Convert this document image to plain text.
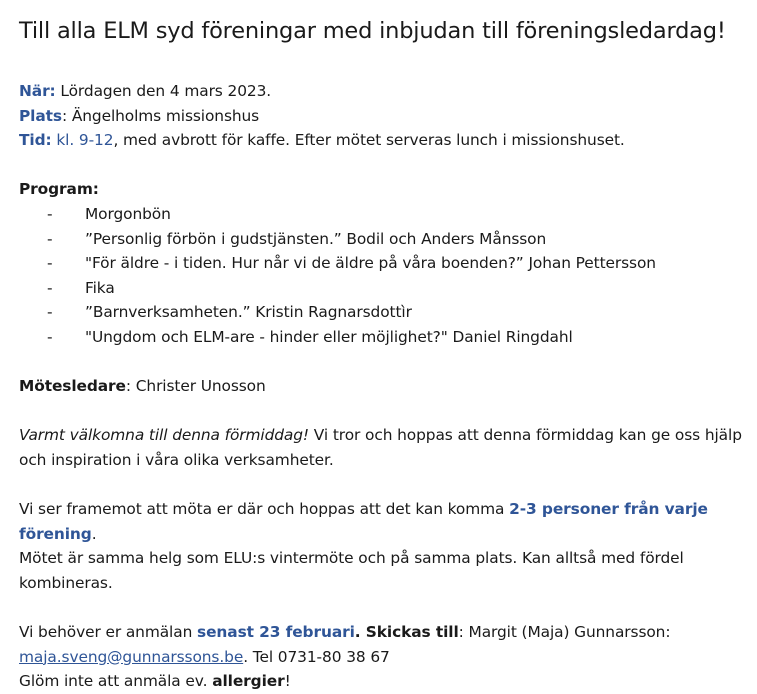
Till alla ELM syd föreningar med inbjudan till föreningsledardag!

När: Lördagen den 4 mars 2023.

Plats: Ängelholms missionshus

Tid: kl. 9-12, med avbrott för kaffe. Efter mötet serveras lunch i missionshuset.

Program:

- Morgonbön
- ”Personlig förbön i gudstjänsten.” Bodil och Anders Månsson
- "För äldre - i tiden. Hur når vi de äldre på våra boenden?” Johan Pettersson
- Fika
- ”Barnverksamheten.” Kristin Ragnarsdottìr
- "Ungdom och ELM-are - hinder eller möjlighet?" Daniel Ringdahl

Mötesledare: Christer Unosson

Varmt välkomna till denna förmiddag! Vi tror och hoppas att denna förmiddag kan ge oss hjälp och inspiration i våra olika verksamheter.

Vi ser framemot att möta er där och hoppas att det kan komma 2-3 personer från varje förening.

Mötet är samma helg som ELU:s vintermöte och på samma plats. Kan alltså med fördel kombineras.

Vi behöver er anmälan senast 23 februari. Skickas till: Margit (Maja) Gunnarsson:

maja.sveng@gunnarssons.be. Tel 0731-80 38 67

Glöm inte att anmäla ev. allergier!
